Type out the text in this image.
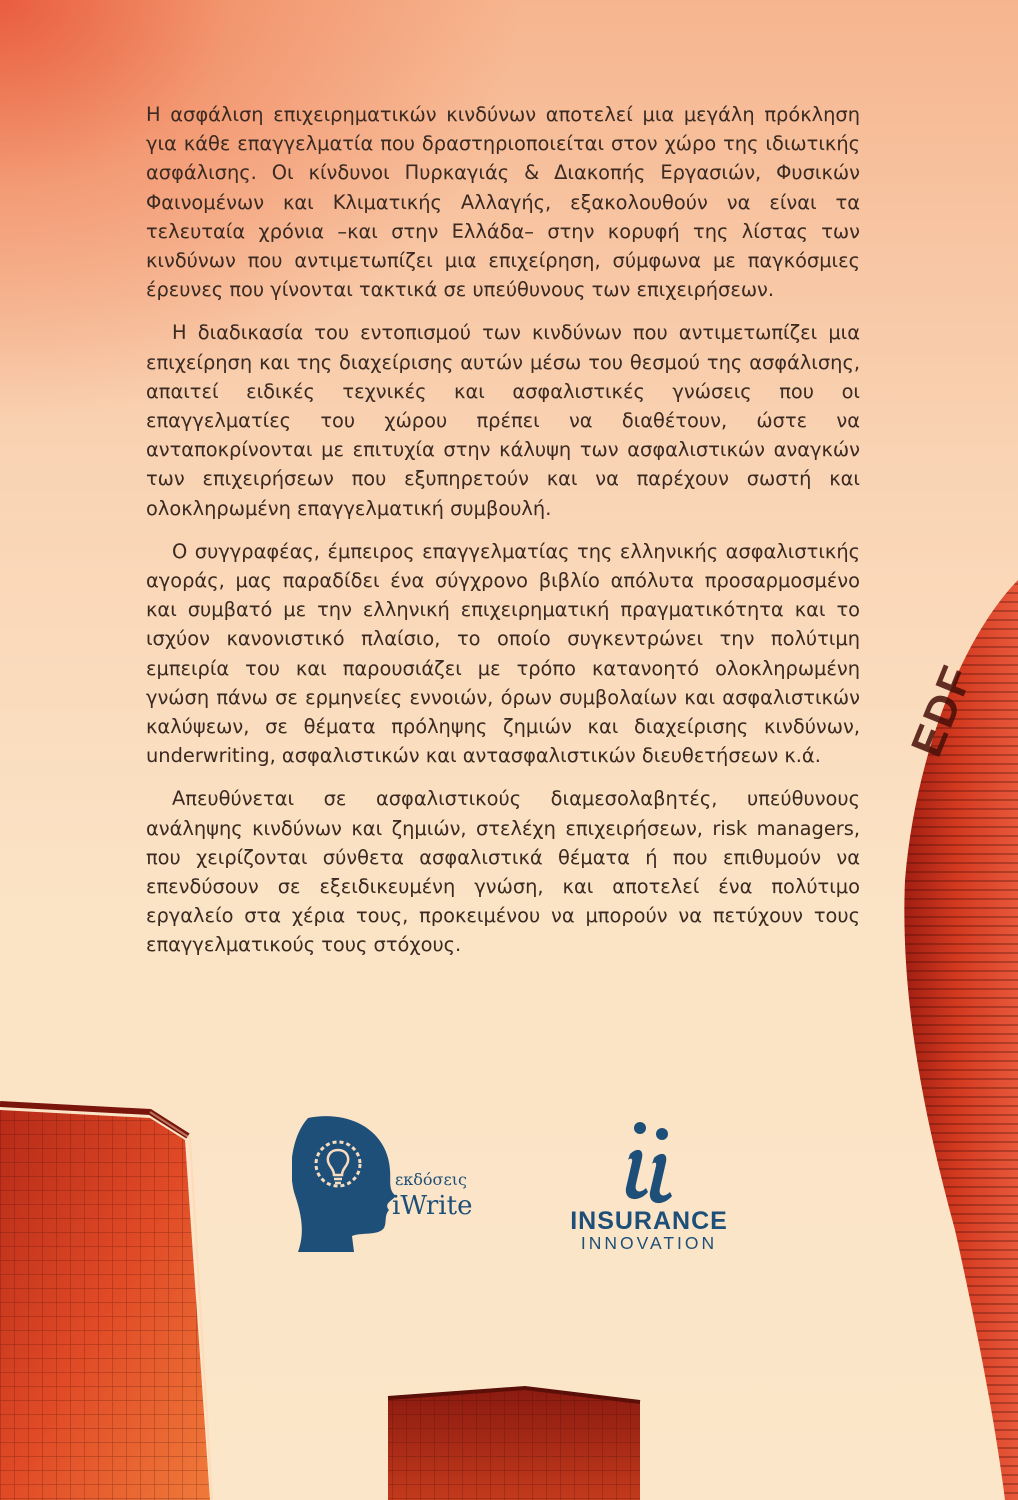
EDF

Η ασφάλιση επιχειρηματικών κινδύνων αποτελεί μια μεγάλη πρόκληση για κάθε επαγγελματία που δραστηριοποιείται στον χώρο της ιδιωτικής ασφάλισης. Οι κίνδυνοι Πυρκαγιάς & Διακοπής Εργασιών, Φυσικών Φαινομένων και Κλιματικής Αλλαγής, εξακολουθούν να είναι τα τελευταία χρόνια –και στην Ελλάδα– στην κορυφή της λίστας των κινδύνων που αντιμετωπίζει μια επιχείρηση, σύμφωνα με παγκόσμιες έρευνες που γίνονται τακτικά σε υπεύθυνους των επιχειρήσεων.

Η διαδικασία του εντοπισμού των κινδύνων που αντιμετωπίζει μια επιχείρηση και της διαχείρισης αυτών μέσω του θεσμού της ασφάλισης, απαιτεί ειδικές τεχνικές και ασφαλιστικές γνώσεις που οι επαγγελματίες του χώρου πρέπει να διαθέτουν, ώστε να ανταποκρίνονται με επιτυχία στην κάλυψη των ασφαλιστικών αναγκών των επιχειρήσεων που εξυπηρετούν και να παρέχουν σωστή και ολοκληρωμένη επαγγελματική συμβουλή.

Ο συγγραφέας, έμπειρος επαγγελματίας της ελληνικής ασφαλιστικής αγοράς, μας παραδίδει ένα σύγχρονο βιβλίο απόλυτα προσαρμοσμένο και συμβατό με την ελληνική επιχειρηματική πραγματικότητα και το ισχύον κανονιστικό πλαίσιο, το οποίο συγκεντρώνει την πολύτιμη εμπειρία του και παρουσιάζει με τρόπο κατανοητό ολοκληρωμένη γνώση πάνω σε ερμηνείες εννοιών, όρων συμβολαίων και ασφαλιστικών καλύψεων, σε θέματα πρόληψης ζημιών και διαχείρισης κινδύνων, underwriting, ασφαλιστικών και αντασφαλιστικών διευθετήσεων κ.ά.

Απευθύνεται σε ασφαλιστικούς διαμεσολαβητές, υπεύθυνους ανάληψης κινδύνων και ζημιών, στελέχη επιχειρήσεων, risk managers, που χειρίζονται σύνθετα ασφαλιστικά θέματα ή που επιθυμούν να επενδύσουν σε εξειδικευμένη γνώση, και αποτελεί ένα πολύτιμο εργαλείο στα χέρια τους, προκειμένου να μπορούν να πετύχουν τους επαγγελματικούς τους στόχους.

εκδόσεις
iWrite	INSURANCE
INNOVATION
